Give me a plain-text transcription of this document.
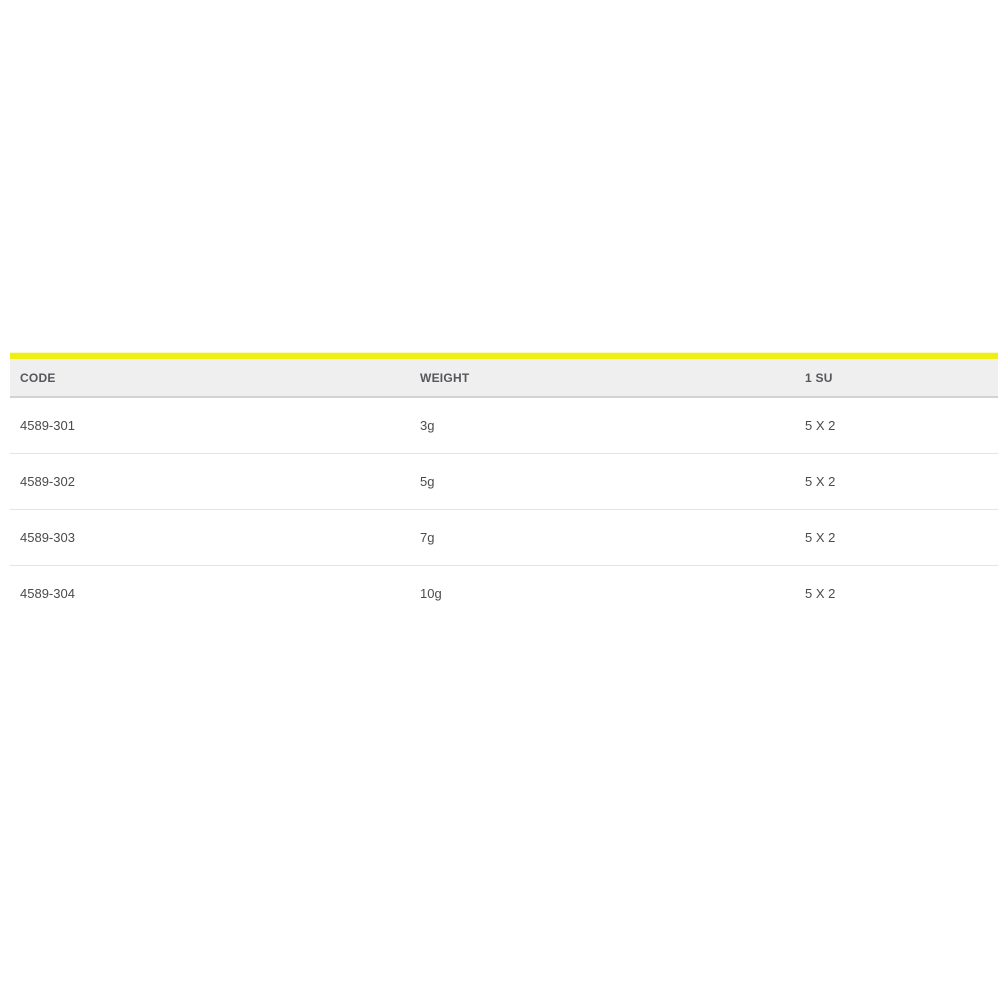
CODE	WEIGHT	1 SU
4589-301	3g	5 X 2
4589-302	5g	5 X 2
4589-303	7g	5 X 2
4589-304	10g	5 X 2
